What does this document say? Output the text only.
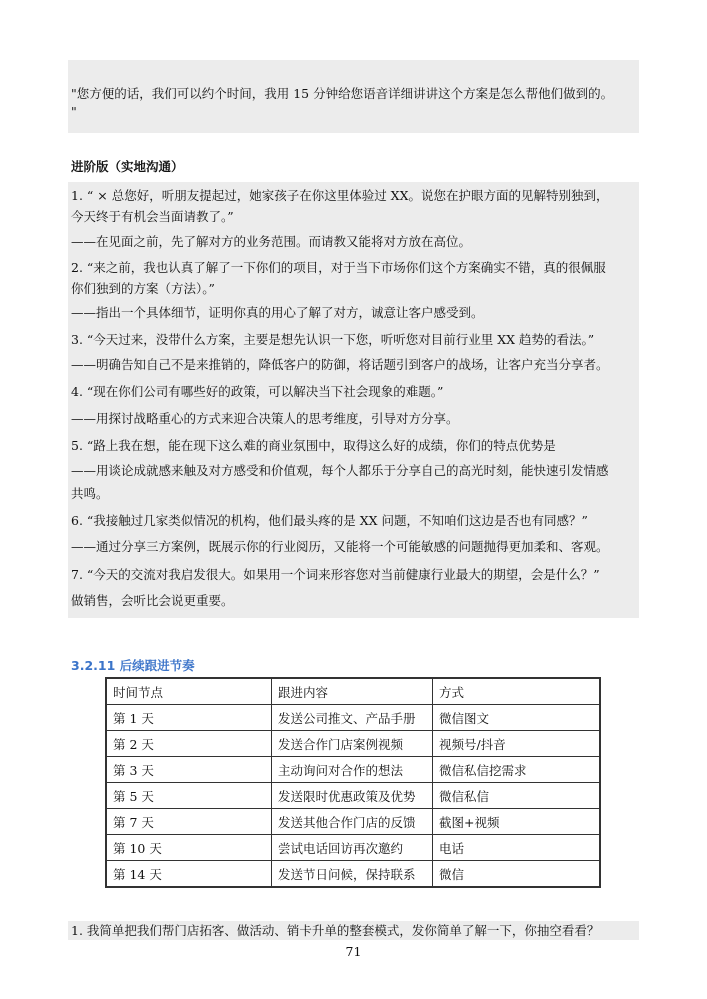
"您方便的话，我们可以约个时间，我用 15 分钟给您语音详细讲讲这个方案是怎么帮他们做到的。
"
进阶版（实地沟通）
1. “ × 总您好，听朋友提起过，她家孩子在你这里体验过 XX。说您在护眼方面的见解特别独到，
今天终于有机会当面请教了。”
——在见面之前，先了解对方的业务范围。而请教又能将对方放在高位。
2. “来之前，我也认真了解了一下你们的项目，对于当下市场你们这个方案确实不错，真的很佩服
你们独到的方案（方法）。”
——指出一个具体细节，证明你真的用心了解了对方，诚意让客户感受到。
3. “今天过来，没带什么方案，主要是想先认识一下您，听听您对目前行业里 XX 趋势的看法。”
——明确告知自己不是来推销的，降低客户的防御，将话题引到客户的战场，让客户充当分享者。
4. “现在你们公司有哪些好的政策，可以解决当下社会现象的难题。”
——用探讨战略重心的方式来迎合决策人的思考维度，引导对方分享。
5. “路上我在想，能在现下这么难的商业氛围中，取得这么好的成绩，你们的特点优势是
——用谈论成就感来触及对方感受和价值观，每个人都乐于分享自己的高光时刻，能快速引发情感
共鸣。
6. “我接触过几家类似情况的机构，他们最头疼的是 XX 问题，不知咱们这边是否也有同感？”
——通过分享三方案例，既展示你的行业阅历，又能将一个可能敏感的问题抛得更加柔和、客观。
7. “今天的交流对我启发很大。如果用一个词来形容您对当前健康行业最大的期望，会是什么？”
做销售，会听比会说更重要。
3.2.11 后续跟进节奏
时间节点	跟进内容	方式
第 1 天	发送公司推文、产品手册	微信图文
第 2 天	发送合作门店案例视频	视频号/抖音
第 3 天	主动询问对合作的想法	微信私信挖需求
第 5 天	发送限时优惠政策及优势	微信私信
第 7 天	发送其他合作门店的反馈	截图+视频
第 10 天	尝试电话回访再次邀约	电话
第 14 天	发送节日问候，保持联系	微信
1. 我简单把我们帮门店拓客、做活动、销卡升单的整套模式，发你简单了解一下，你抽空看看？
71
